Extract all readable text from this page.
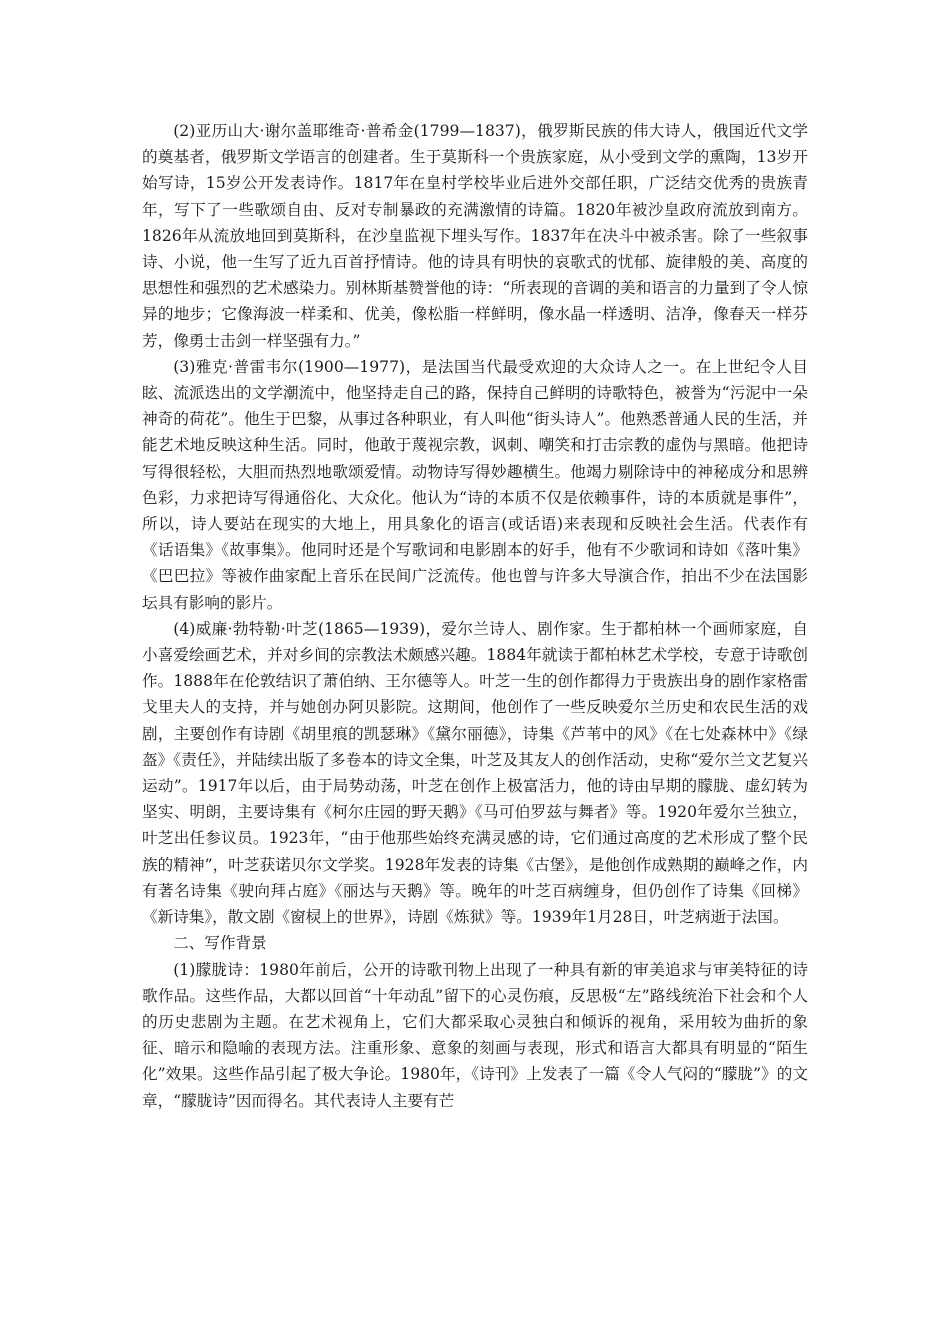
(2)亚历山大·谢尔盖耶维奇·普希金(1799—1837)，俄罗斯民族的伟大诗人，俄国近代文学的奠基者，俄罗斯文学语言的创建者。生于莫斯科一个贵族家庭，从小受到文学的熏陶，13岁开始写诗，15岁公开发表诗作。1817年在皇村学校毕业后进外交部任职，广泛结交优秀的贵族青年，写下了一些歌颂自由、反对专制暴政的充满激情的诗篇。1820年被沙皇政府流放到南方。1826年从流放地回到莫斯科，在沙皇监视下埋头写作。1837年在决斗中被杀害。除了一些叙事诗、小说，他一生写了近九百首抒情诗。他的诗具有明快的哀歌式的忧郁、旋律般的美、高度的思想性和强烈的艺术感染力。别林斯基赞誉他的诗：“所表现的音调的美和语言的力量到了令人惊异的地步；它像海波一样柔和、优美，像松脂一样鲜明，像水晶一样透明、洁净，像春天一样芬芳，像勇士击剑一样坚强有力。”

(3)雅克·普雷韦尔(1900—1977)，是法国当代最受欢迎的大众诗人之一。在上世纪令人目眩、流派迭出的文学潮流中，他坚持走自己的路，保持自己鲜明的诗歌特色，被誉为“污泥中一朵神奇的荷花”。他生于巴黎，从事过各种职业，有人叫他“街头诗人”。他熟悉普通人民的生活，并能艺术地反映这种生活。同时，他敢于蔑视宗教，讽刺、嘲笑和打击宗教的虚伪与黑暗。他把诗写得很轻松，大胆而热烈地歌颂爱情。动物诗写得妙趣横生。他竭力剔除诗中的神秘成分和思辨色彩，力求把诗写得通俗化、大众化。他认为“诗的本质不仅是依赖事件，诗的本质就是事件”，所以，诗人要站在现实的大地上，用具象化的语言(或话语)来表现和反映社会生活。代表作有《话语集》《故事集》。他同时还是个写歌词和电影剧本的好手，他有不少歌词和诗如《落叶集》《巴巴拉》等被作曲家配上音乐在民间广泛流传。他也曾与许多大导演合作，拍出不少在法国影坛具有影响的影片。

(4)威廉·勃特勒·叶芝(1865—1939)，爱尔兰诗人、剧作家。生于都柏林一个画师家庭，自小喜爱绘画艺术，并对乡间的宗教法术颇感兴趣。1884年就读于都柏林艺术学校，专意于诗歌创作。1888年在伦敦结识了萧伯纳、王尔德等人。叶芝一生的创作都得力于贵族出身的剧作家格雷戈里夫人的支持，并与她创办阿贝影院。这期间，他创作了一些反映爱尔兰历史和农民生活的戏剧，主要创作有诗剧《胡里痕的凯瑟琳》《黛尔丽德》，诗集《芦苇中的风》《在七处森林中》《绿盔》《责任》，并陆续出版了多卷本的诗文全集，叶芝及其友人的创作活动，史称“爱尔兰文艺复兴运动”。1917年以后，由于局势动荡，叶芝在创作上极富活力，他的诗由早期的朦胧、虚幻转为坚实、明朗，主要诗集有《柯尔庄园的野天鹅》《马可伯罗兹与舞者》等。1920年爱尔兰独立，叶芝出任参议员。1923年，“由于他那些始终充满灵感的诗，它们通过高度的艺术形成了整个民族的精神”，叶芝获诺贝尔文学奖。1928年发表的诗集《古堡》，是他创作成熟期的巅峰之作，内有著名诗集《驶向拜占庭》《丽达与天鹅》等。晚年的叶芝百病缠身，但仍创作了诗集《回梯》《新诗集》，散文剧《窗棂上的世界》，诗剧《炼狱》等。1939年1月28日，叶芝病逝于法国。

二、写作背景

(1)朦胧诗：1980年前后，公开的诗歌刊物上出现了一种具有新的审美追求与审美特征的诗歌作品。这些作品，大都以回首“十年动乱”留下的心灵伤痕，反思极“左”路线统治下社会和个人的历史悲剧为主题。在艺术视角上，它们大都采取心灵独白和倾诉的视角，采用较为曲折的象征、暗示和隐喻的表现方法。注重形象、意象的刻画与表现，形式和语言大都具有明显的“陌生化”效果。这些作品引起了极大争论。1980年，《诗刊》上发表了一篇《令人气闷的“朦胧”》的文章，“朦胧诗”因而得名。其代表诗人主要有芒
